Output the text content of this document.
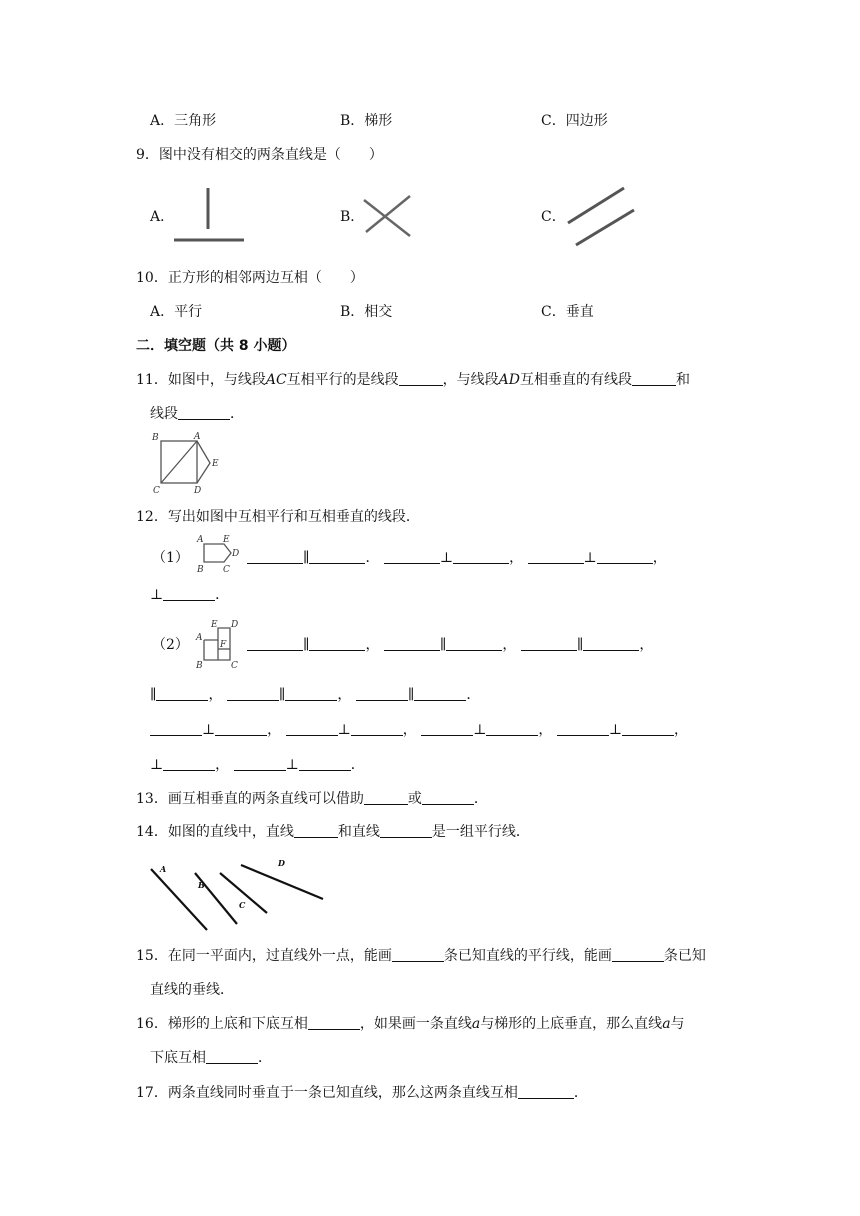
A．三角形	B．梯形	C．四边形
9．图中没有相交的两条直线是（　　）
A．	B．	C．
10．正方形的相邻两边互相（　　）
A．平行	B．相交	C．垂直
二．填空题（共 8 小题）
11．如图中，与线段AC互相平行的是线段	，与线段AD互相垂直的有线段	和
线段	．
B	A
E
C	D
12．写出如图中互相平行和互相垂直的线段．
（1）
A E
D
B C
∥	．	⊥	，	⊥	，
⊥	．
（2）
E D
A
F
B	C
∥	，	∥	，	∥	，
∥	，	∥	，	∥	．
⊥	，	⊥	，	⊥	，	⊥	，
⊥	，	⊥	．
13．画互相垂直的两条直线可以借助	或	．
14．如图的直线中，直线	和直线	是一组平行线．
A
B
C
D
15．在同一平面内，过直线外一点，能画	条已知直线的平行线，能画	条已知
直线的垂线．
16．梯形的上底和下底互相	，如果画一条直线a与梯形的上底垂直，那么直线a与
下底互相	．
17．两条直线同时垂直于一条已知直线，那么这两条直线互相	．
